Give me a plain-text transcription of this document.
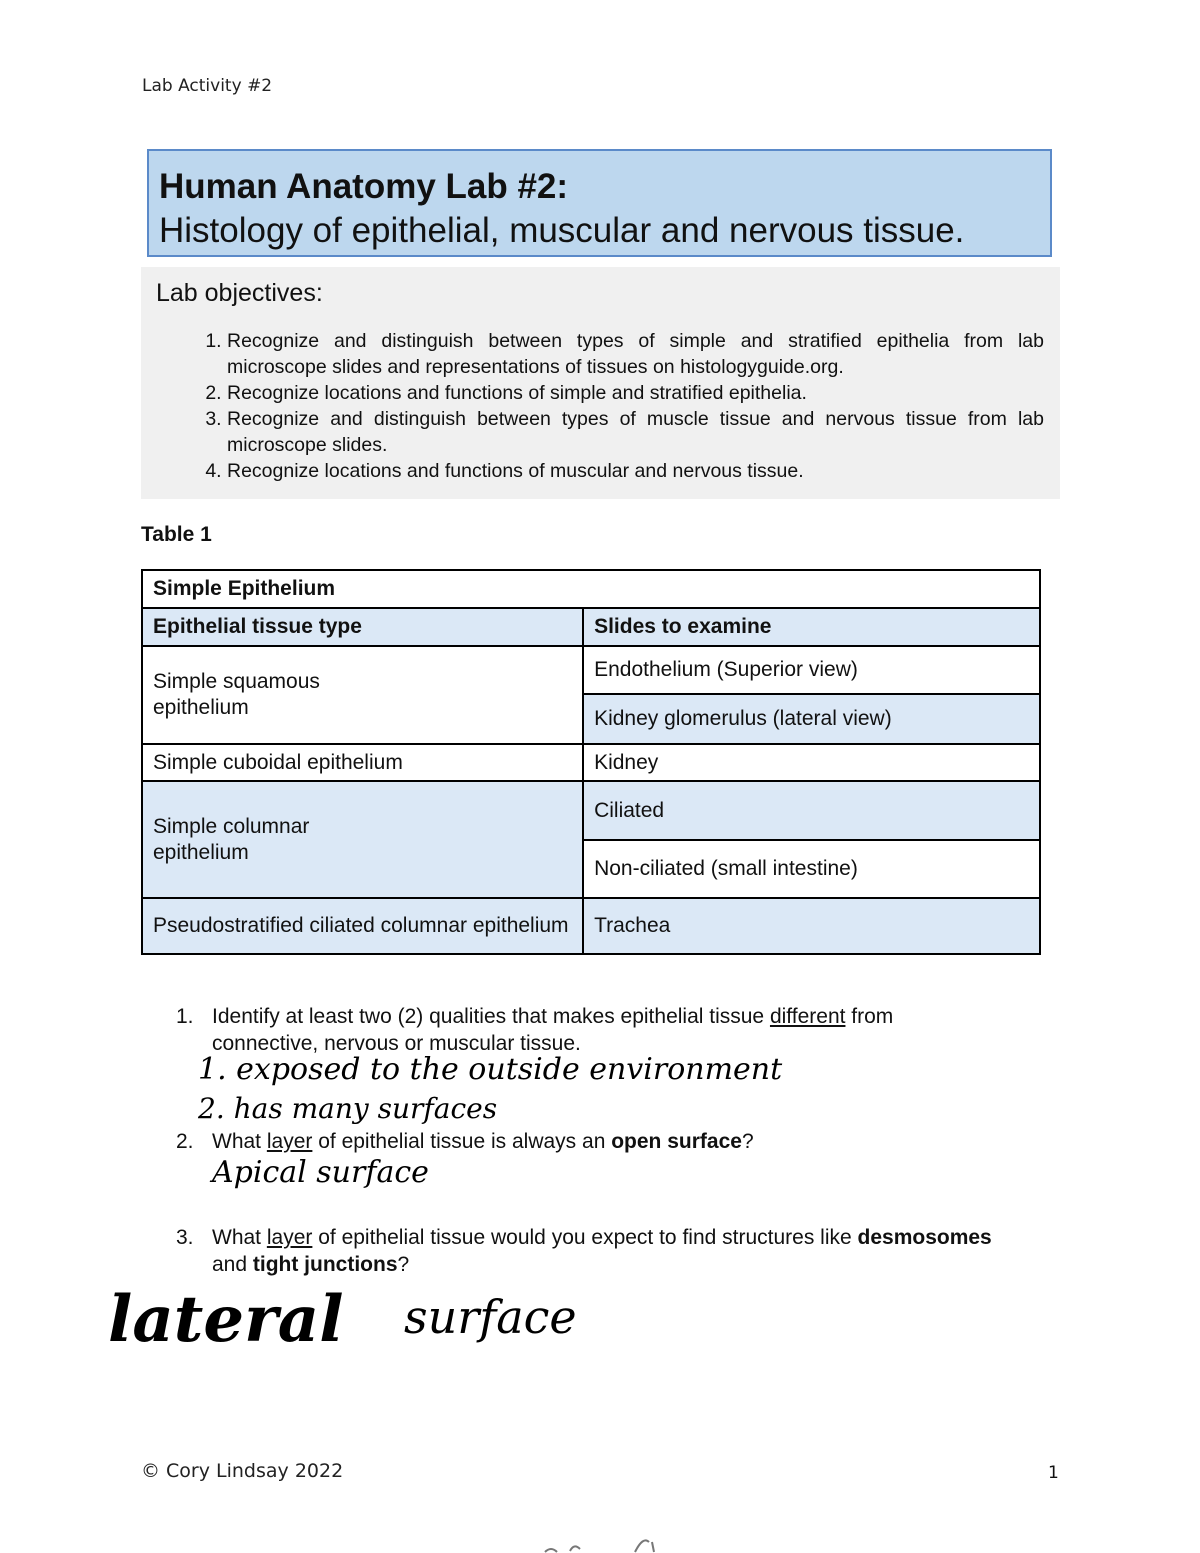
Lab Activity #2
Human Anatomy Lab #2:
Histology of epithelial, muscular and nervous tissue.
Lab objectives:
1. Recognize and distinguish between types of simple and stratified epithelia from lab microscope slides and representations of tissues on histologyguide.org.
2. Recognize locations and functions of simple and stratified epithelia.
3. Recognize and distinguish between types of muscle tissue and nervous tissue from lab microscope slides.
4. Recognize locations and functions of muscular and nervous tissue.
Table 1
Simple Epithelium	
Epithelial tissue type	Slides to examine
Simple squamous
epithelium	Endothelium (Superior view)
	Kidney glomerulus (lateral view)
Simple cuboidal epithelium	Kidney
Simple columnar
epithelium	Ciliated
	Non-ciliated (small intestine)
Pseudostratified ciliated columnar epithelium	Trachea
1. Identify at least two (2) qualities that makes epithelial tissue different from connective, nervous or muscular tissue.
2. What layer of epithelial tissue is always an open surface?
3. What layer of epithelial tissue would you expect to find structures like desmosomes and tight junctions?
1. exposed to the outside environment
2. has many surfaces
Apical surface
lateral surface
© Cory Lindsay 2022	1
